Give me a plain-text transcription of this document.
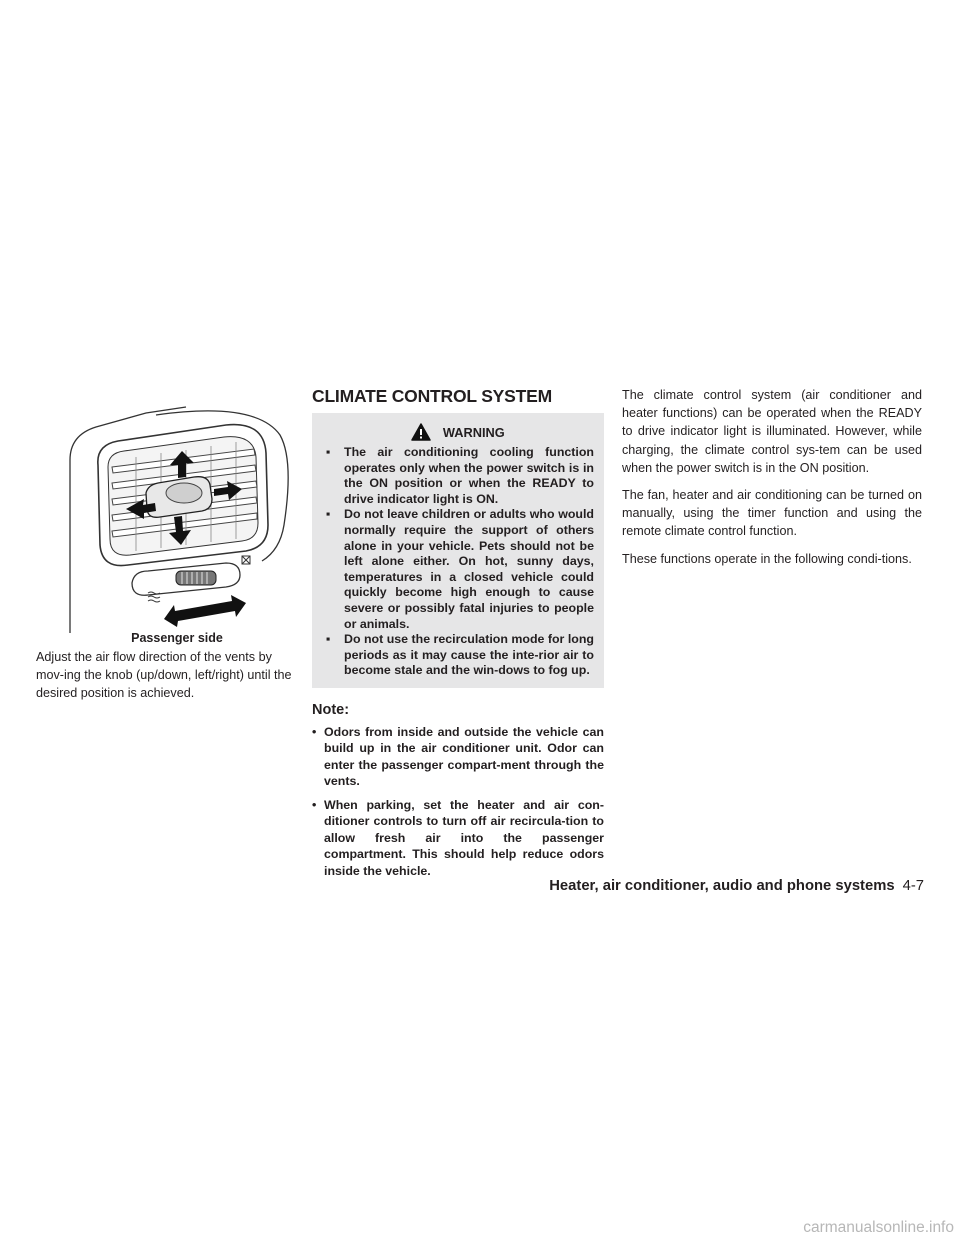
Passenger side

Adjust the air flow direction of the vents by mov-ing the knob (up/down, left/right) until the desired position is achieved.

CLIMATE CONTROL SYSTEM
WARNING
▪ The air conditioning cooling function operates only when the power switch is in the ON position or when the READY to drive indicator light is ON.
▪ Do not leave children or adults who would normally require the support of others alone in your vehicle. Pets should not be left alone either. On hot, sunny days, temperatures in a closed vehicle could quickly become high enough to cause severe or possibly fatal injuries to people or animals.
▪ Do not use the recirculation mode for long periods as it may cause the inte-rior air to become stale and the win-dows to fog up.
Note:
• Odors from inside and outside the vehicle can build up in the air conditioner unit. Odor can enter the passenger compart-ment through the vents.
• When parking, set the heater and air con-ditioner controls to turn off air recircula-tion to allow fresh air into the passenger compartment. This should help reduce odors inside the vehicle.

The climate control system (air conditioner and heater functions) can be operated when the READY to drive indicator light is illuminated. However, while charging, the climate control sys-tem can be used when the power switch is in the ON position.

The fan, heater and air conditioning can be turned on manually, using the timer function and using the remote climate control function.

These functions operate in the following condi-tions.

Heater, air conditioner, audio and phone systems 4-7
carmanualsonline.info
